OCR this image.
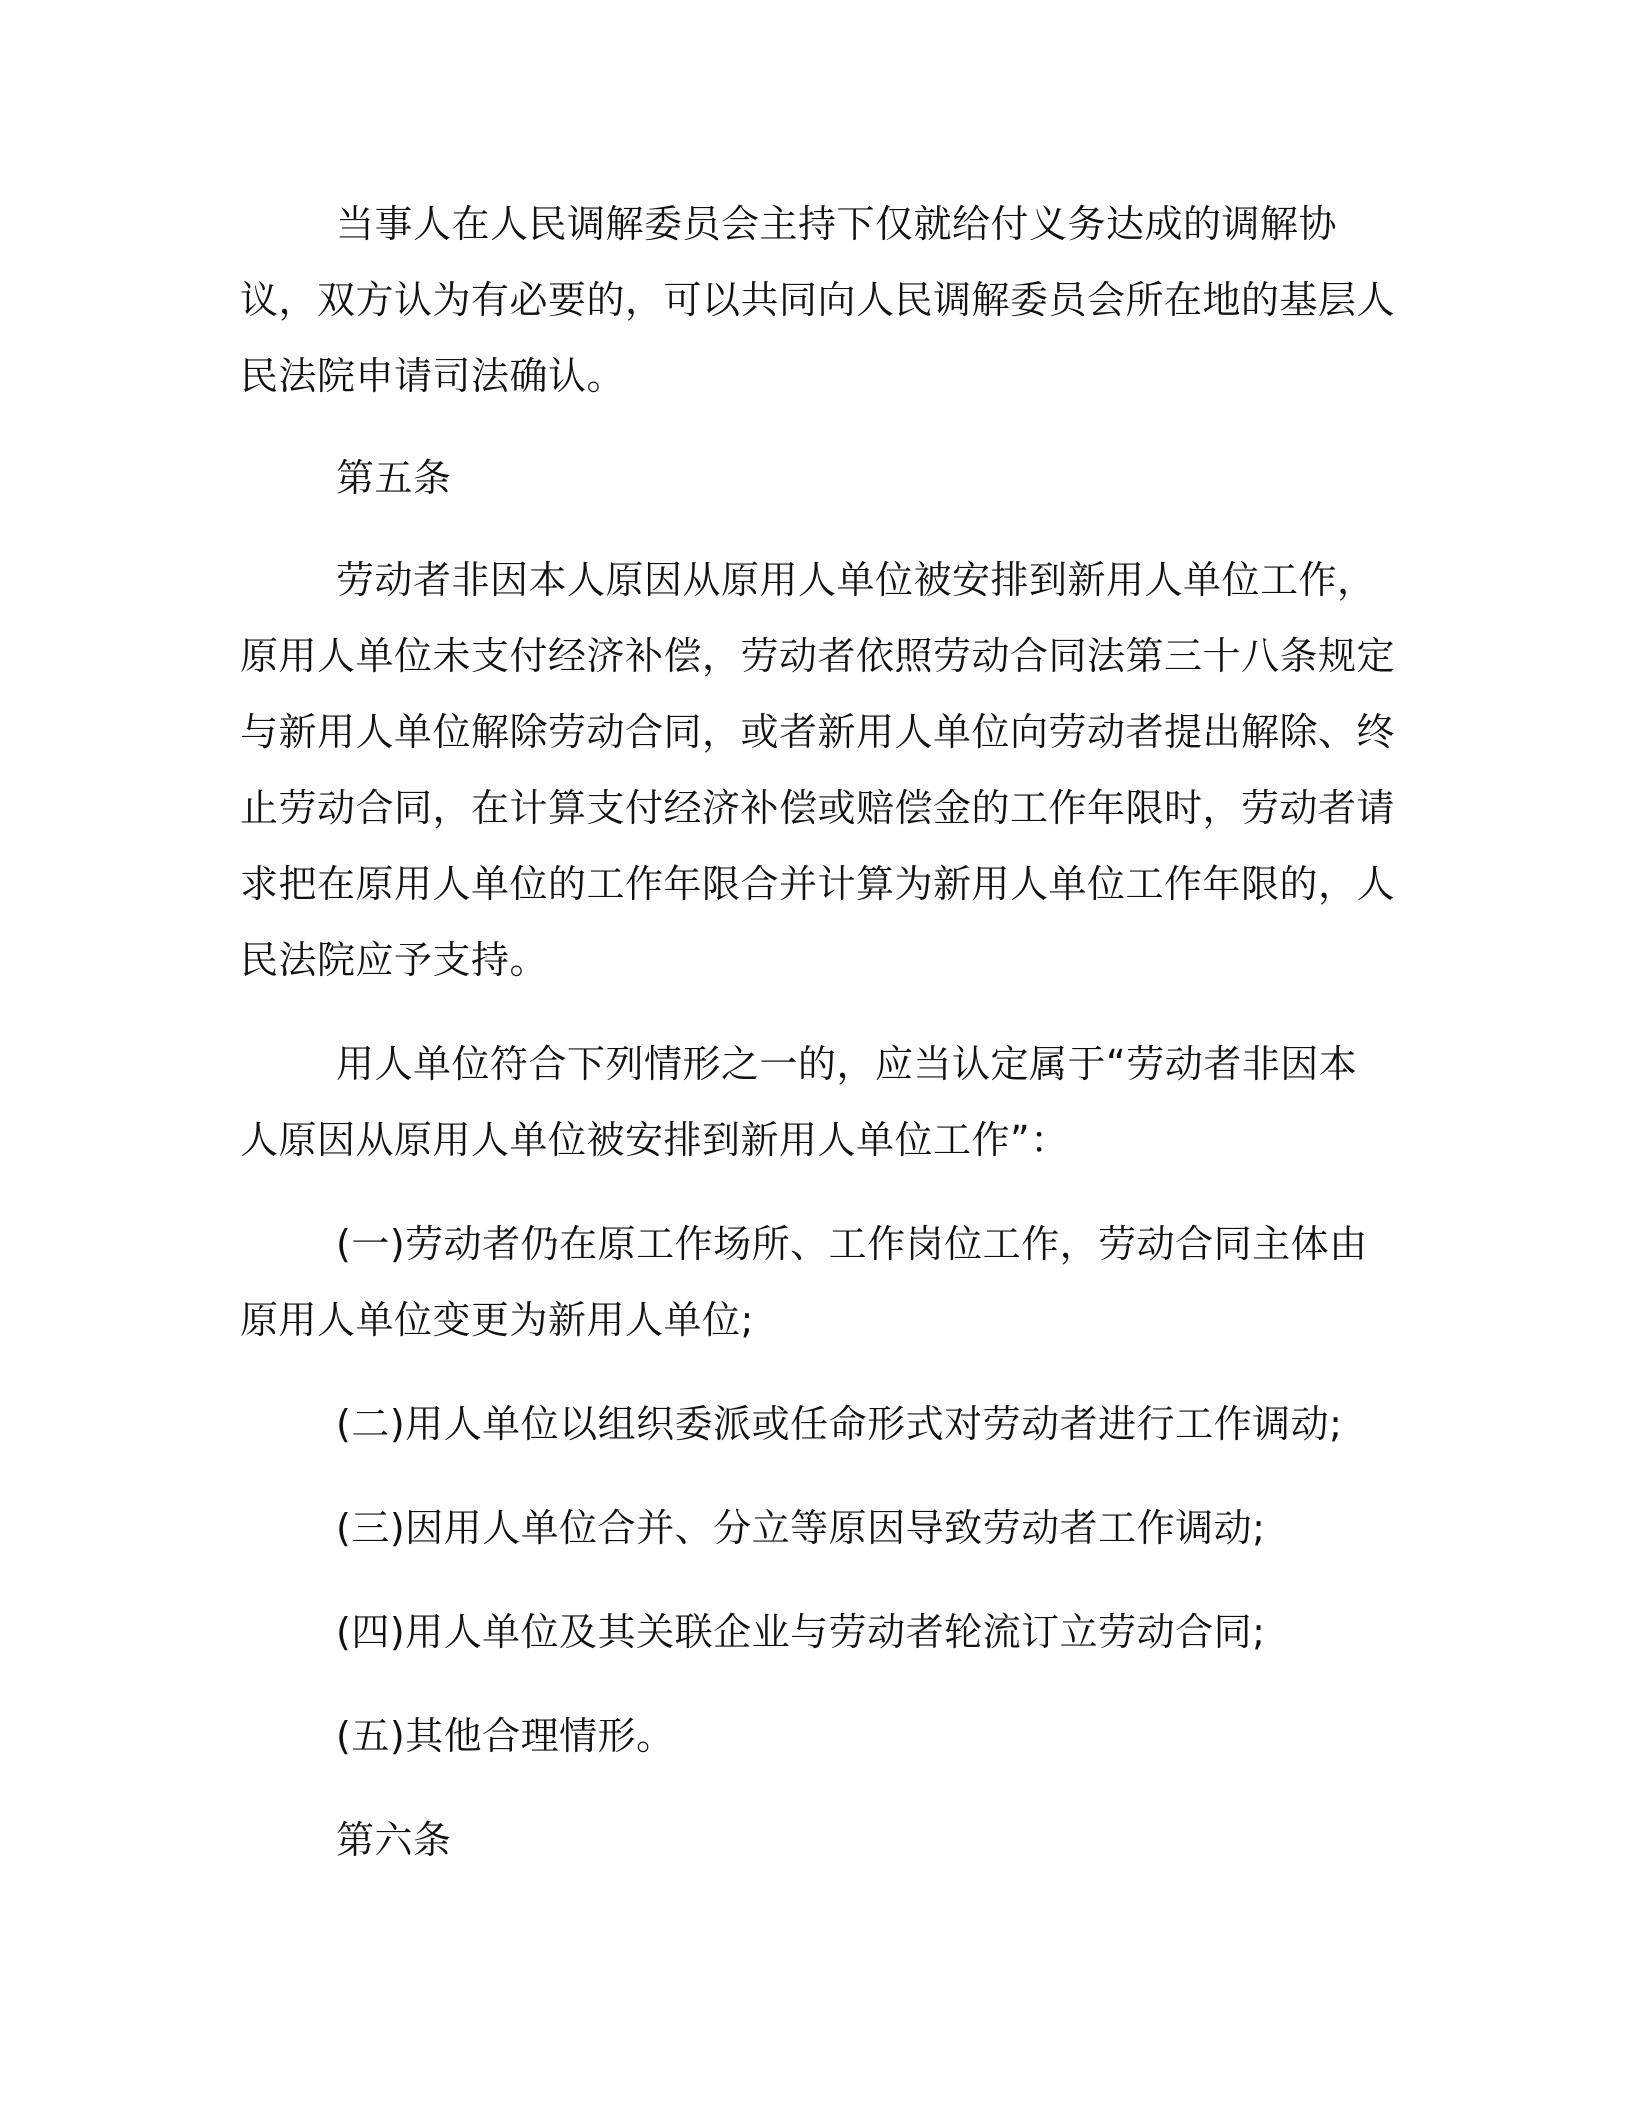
当事人在人民调解委员会主持下仅就给付义务达成的调解协议，双方认为有必要的，可以共同向人民调解委员会所在地的基层人民法院申请司法确认。

第五条

劳动者非因本人原因从原用人单位被安排到新用人单位工作，原用人单位未支付经济补偿，劳动者依照劳动合同法第三十八条规定与新用人单位解除劳动合同，或者新用人单位向劳动者提出解除、终止劳动合同，在计算支付经济补偿或赔偿金的工作年限时，劳动者请求把在原用人单位的工作年限合并计算为新用人单位工作年限的，人民法院应予支持。

用人单位符合下列情形之一的，应当认定属于“劳动者非因本人原因从原用人单位被安排到新用人单位工作”：

(一)劳动者仍在原工作场所、工作岗位工作，劳动合同主体由原用人单位变更为新用人单位;

(二)用人单位以组织委派或任命形式对劳动者进行工作调动;

(三)因用人单位合并、分立等原因导致劳动者工作调动;

(四)用人单位及其关联企业与劳动者轮流订立劳动合同;

(五)其他合理情形。

第六条
